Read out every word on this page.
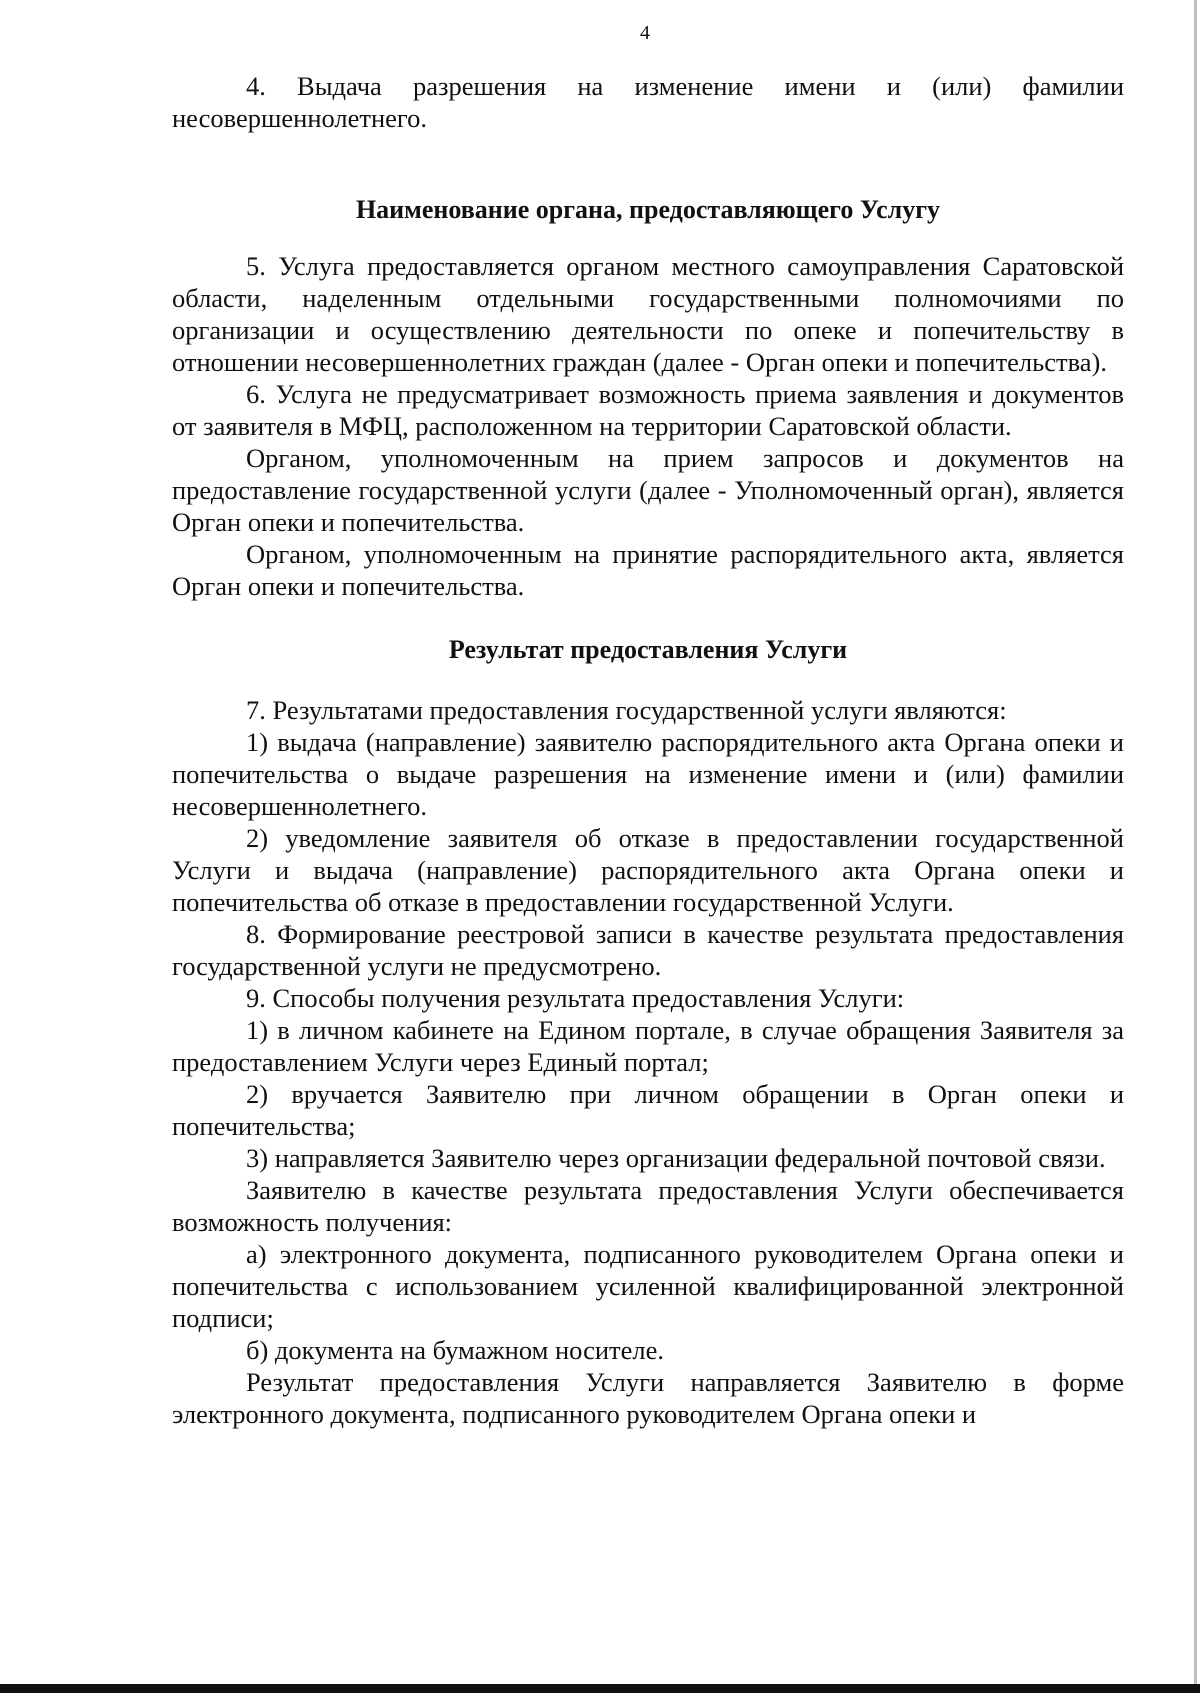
4

4. Выдача разрешения на изменение имени и (или) фамилии несовершеннолетнего.

Наименование органа, предоставляющего Услугу

5. Услуга предоставляется органом местного самоуправления Саратовской области, наделенным отдельными государственными полномочиями по организации и осуществлению деятельности по опеке и попечительству в отношении несовершеннолетних граждан (далее - Орган опеки и попечительства).

6. Услуга не предусматривает возможность приема заявления и документов от заявителя в МФЦ, расположенном на территории Саратовской области.

Органом, уполномоченным на прием запросов и документов на предоставление государственной услуги (далее - Уполномоченный орган), является Орган опеки и попечительства.

Органом, уполномоченным на принятие распорядительного акта, является Орган опеки и попечительства.

Результат предоставления Услуги

7. Результатами предоставления государственной услуги являются:

1) выдача (направление) заявителю распорядительного акта Органа опеки и попечительства о выдаче разрешения на изменение имени и (или) фамилии несовершеннолетнего.

2) уведомление заявителя об отказе в предоставлении государственной Услуги и выдача (направление) распорядительного акта Органа опеки и попечительства об отказе в предоставлении государственной Услуги.

8. Формирование реестровой записи в качестве результата предоставления государственной услуги не предусмотрено.

9. Способы получения результата предоставления Услуги:

1) в личном кабинете на Едином портале, в случае обращения Заявителя за предоставлением Услуги через Единый портал;

2) вручается Заявителю при личном обращении в Орган опеки и попечительства;

3) направляется Заявителю через организации федеральной почтовой связи.

Заявителю в качестве результата предоставления Услуги обеспечивается возможность получения:

а) электронного документа, подписанного руководителем Органа опеки и попечительства с использованием усиленной квалифицированной электронной подписи;

б) документа на бумажном носителе.

Результат предоставления Услуги направляется Заявителю в форме электронного документа, подписанного руководителем Органа опеки и
